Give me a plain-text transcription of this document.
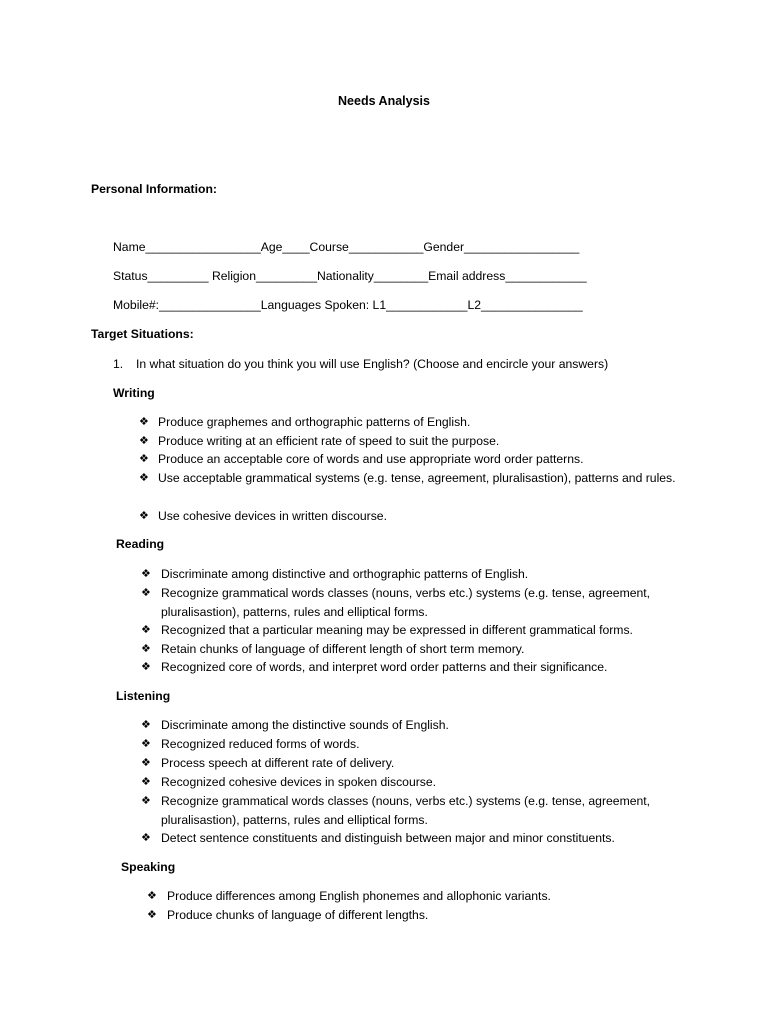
Needs Analysis
Personal Information:
Name_________________Age____Course___________Gender_________________
Status_________ Religion_________Nationality________Email address____________
Mobile#:_______________Languages Spoken: L1____________L2_______________
Target Situations:
1. In what situation do you think you will use English? (Choose and encircle your answers)
Writing
❖ Produce graphemes and orthographic patterns of English.
❖ Produce writing at an efficient rate of speed to suit the purpose.
❖ Produce an acceptable core of words and use appropriate word order patterns.
❖ Use acceptable grammatical systems (e.g. tense, agreement, pluralisastion), patterns and rules.
❖ Use cohesive devices in written discourse.
Reading
❖ Discriminate among distinctive and orthographic patterns of English.
❖ Recognize grammatical words classes (nouns, verbs etc.) systems (e.g. tense, agreement, pluralisastion), patterns, rules and elliptical forms.
❖ Recognized that a particular meaning may be expressed in different grammatical forms.
❖ Retain chunks of language of different length of short term memory.
❖ Recognized core of words, and interpret word order patterns and their significance.
Listening
❖ Discriminate among the distinctive sounds of English.
❖ Recognized reduced forms of words.
❖ Process speech at different rate of delivery.
❖ Recognized cohesive devices in spoken discourse.
❖ Recognize grammatical words classes (nouns, verbs etc.) systems (e.g. tense, agreement, pluralisastion), patterns, rules and elliptical forms.
❖ Detect sentence constituents and distinguish between major and minor constituents.
Speaking
❖ Produce differences among English phonemes and allophonic variants.
❖ Produce chunks of language of different lengths.
